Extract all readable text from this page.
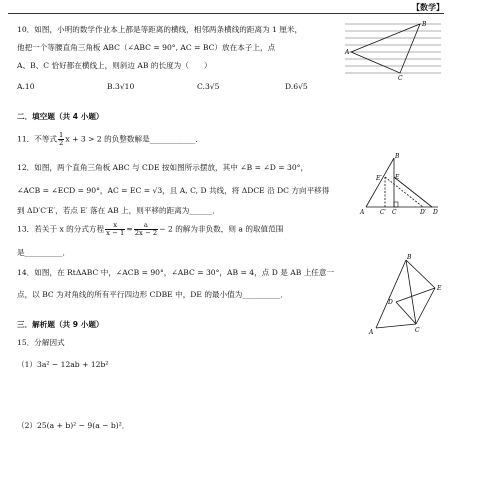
【数学】
10．如图，小明的数学作业本上都是等距离的横线，相邻两条横线的距离为 1 厘米，
他把一个等腰直角三角板 ABC（∠ABC = 90°, AC = BC）放在本子上，点
A、B、C 恰好都在横线上，则斜边 AB 的长度为（　　）
A.10	B.3√10	C.3√5	D.6√5
A
B
C
二．填空题（共 4 小题）
11．不等式 $\frac{1}{2}$ x + 3 > 2 的负整数解是____________．
12．如图，两个直角三角板 ABC 与 CDE 按如图所示摆放，其中 ∠B = ∠D = 30°，
∠ACB = ∠ECD = 90°，AC = EC = √3，且 A, C, D 共线，将 ΔDCE 沿 DC 方向平移得
到 ΔD′C′E′，若点 E′ 落在 AB 上，则平移的距离为______．	A
B
C′ C	D′ D
E
E′
13．若关于 x 的分式方程 $\frac{x}{x - 1} = \frac{a}{2x - 2} - 2$ 的解为非负数，则 a 的取值范围
是__________．
14．如图，在 RtΔABC 中，∠ACB = 90°，∠ABC = 30°，AB = 4，点 D 是 AB 上任意一
点，以 BC 为对角线的所有平行四边形 CDBE 中，DE 的最小值为__________．
A
B
C
D
E
三．解析题（共 9 小题）
15．分解因式
（1）3a² − 12ab + 12b²
（2）25(a + b)² − 9(a − b)²．
